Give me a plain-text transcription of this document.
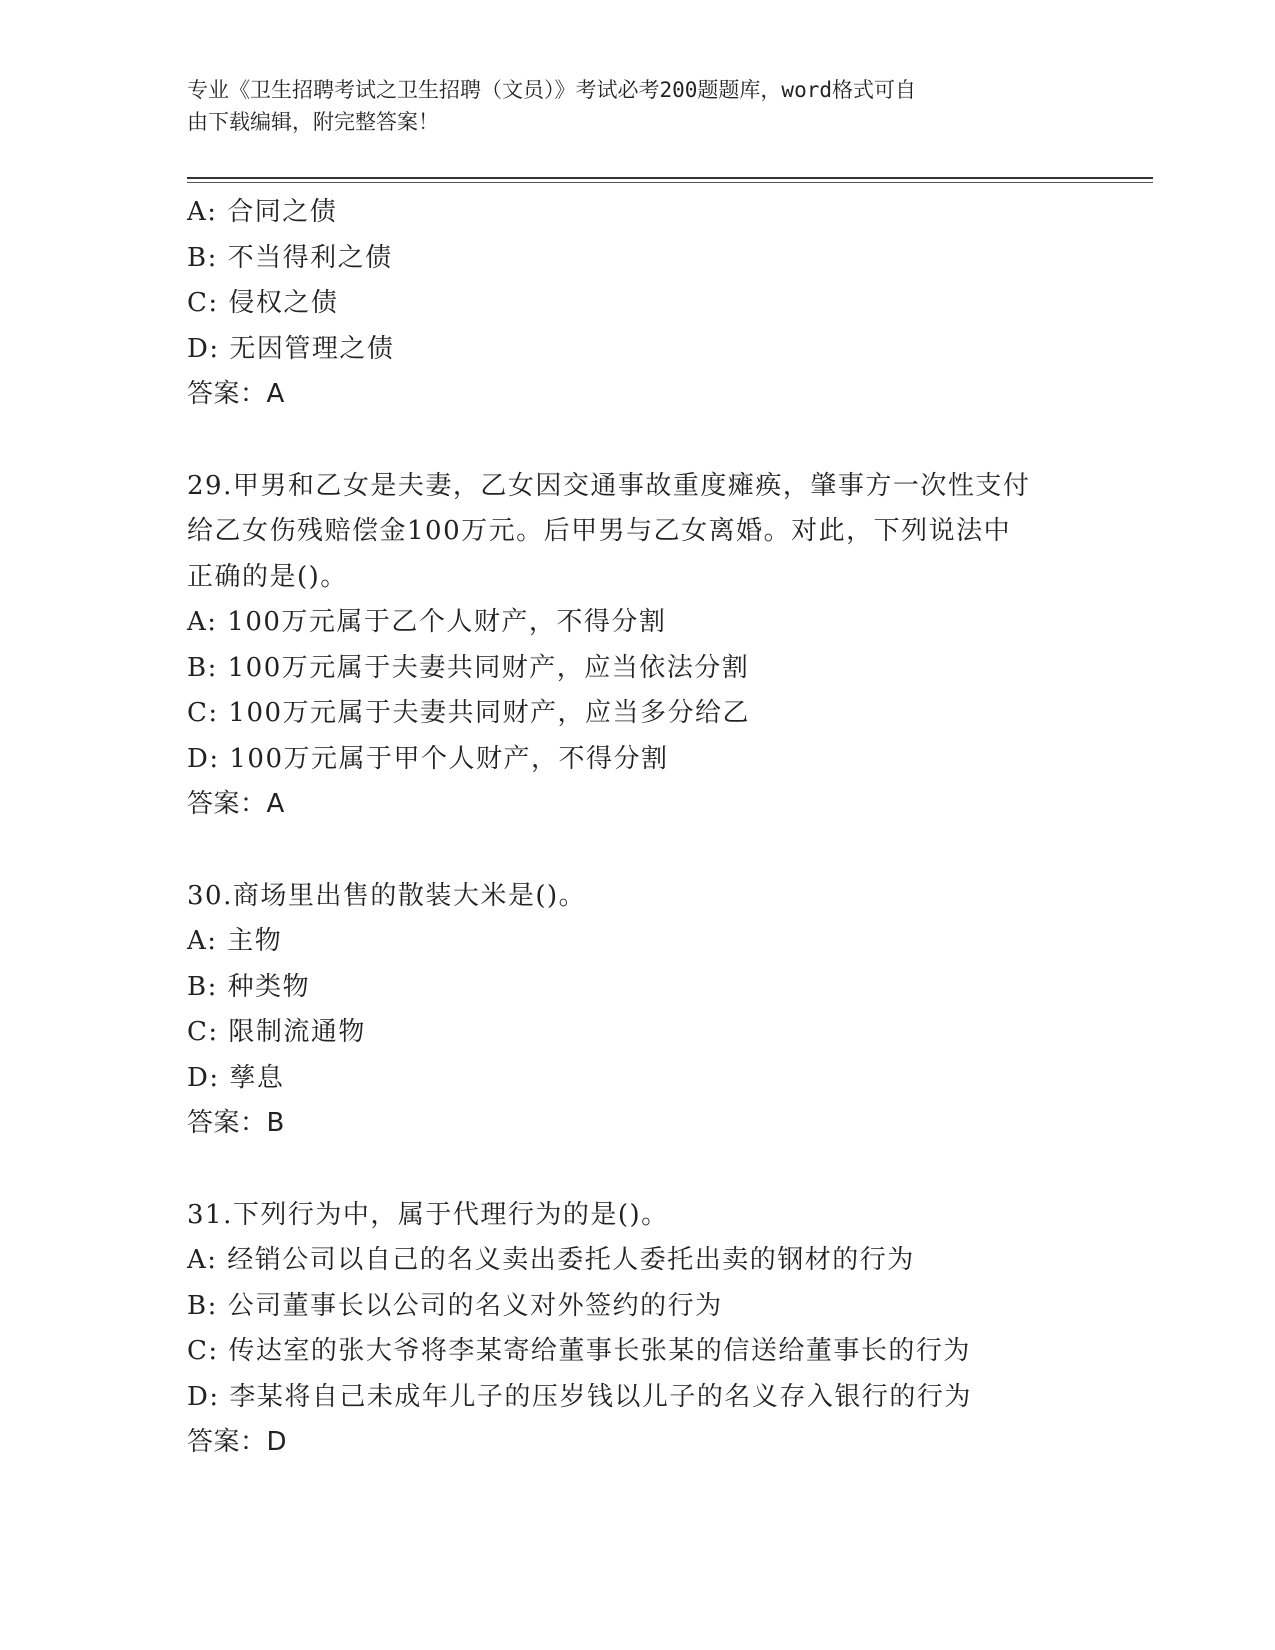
专业《卫生招聘考试之卫生招聘（文员）》考试必考200题题库，word格式可自
由下载编辑，附完整答案！
A: 合同之债
B: 不当得利之债
C: 侵权之债
D: 无因管理之债
答案：A
29.甲男和乙女是夫妻，乙女因交通事故重度瘫痪，肇事方一次性支付
给乙女伤残赔偿金100万元。后甲男与乙女离婚。对此，下列说法中
正确的是()。
A: 100万元属于乙个人财产，不得分割
B: 100万元属于夫妻共同财产，应当依法分割
C: 100万元属于夫妻共同财产，应当多分给乙
D: 100万元属于甲个人财产，不得分割
答案：A
30.商场里出售的散装大米是()。
A: 主物
B: 种类物
C: 限制流通物
D: 孳息
答案：B
31.下列行为中，属于代理行为的是()。
A: 经销公司以自己的名义卖出委托人委托出卖的钢材的行为
B: 公司董事长以公司的名义对外签约的行为
C: 传达室的张大爷将李某寄给董事长张某的信送给董事长的行为
D: 李某将自己未成年儿子的压岁钱以儿子的名义存入银行的行为
答案：D
